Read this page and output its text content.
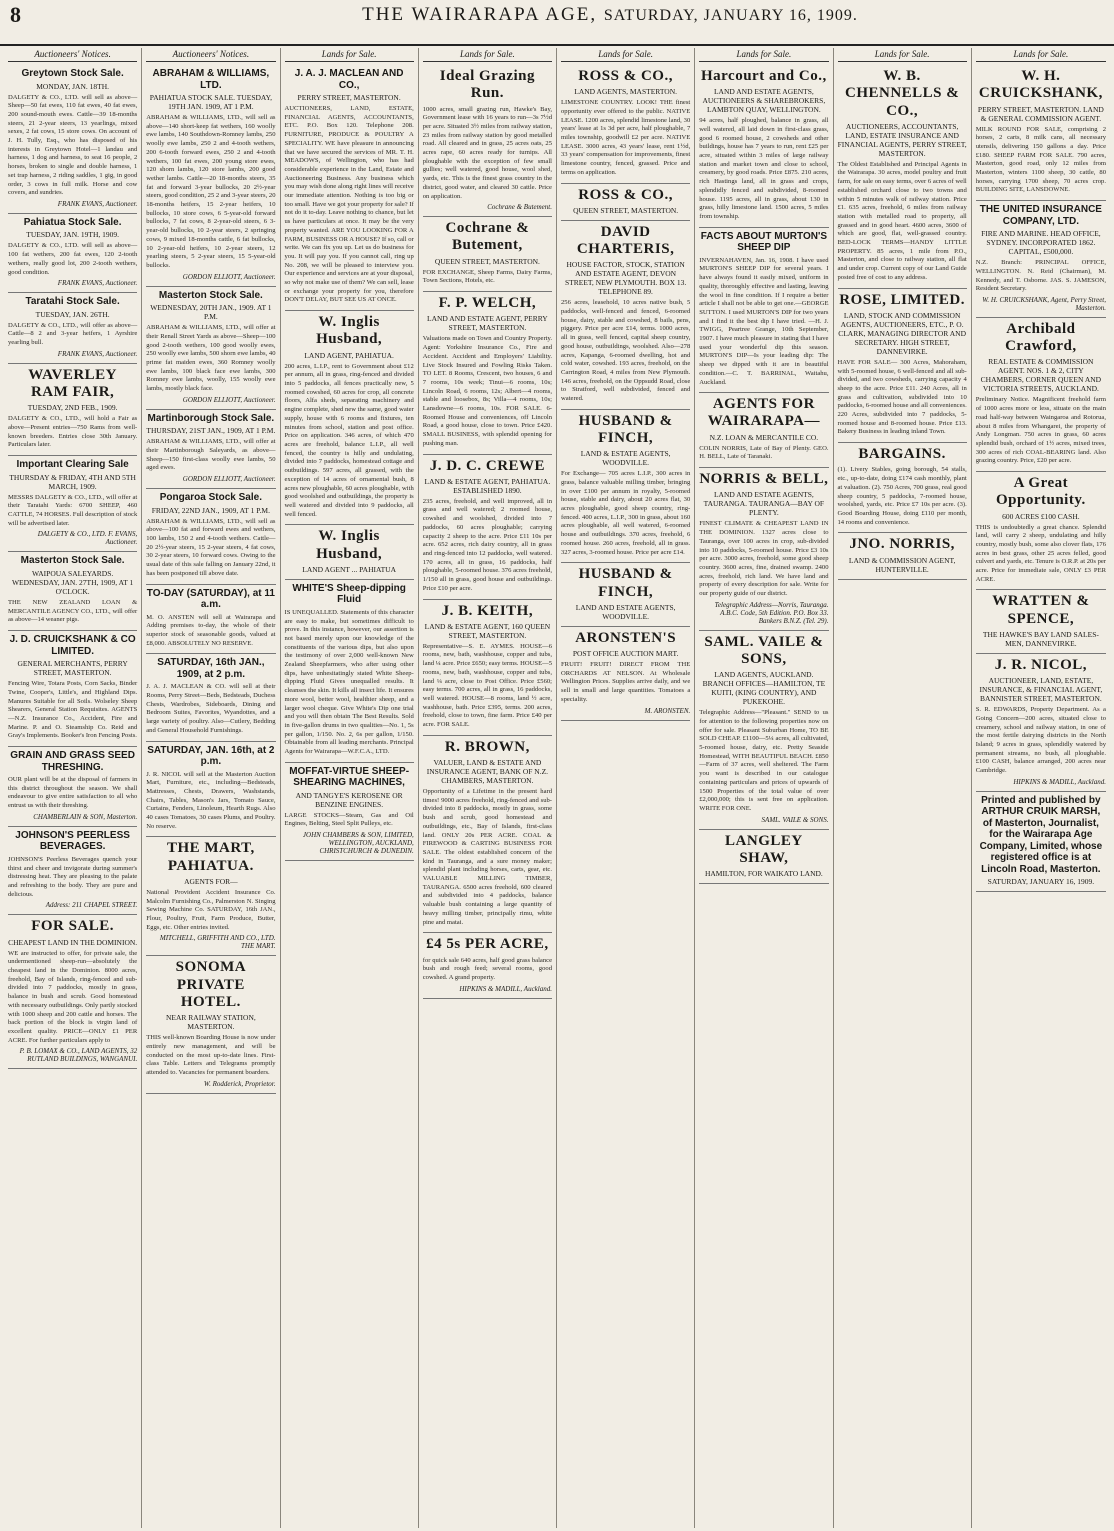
8	THE WAIRARAPA AGE, SATURDAY, JANUARY 16, 1909.
Auctioneers' Notices.
Greytown Stock Sale.
MONDAY, JAN. 18TH.
DALGETY & CO., LTD. will sell as above—Sheep—50 fat ewes, 110 fat ewes, 40 fat ewes, 200 sound-mouth ewes. Cattle—39 18-months steers, 21 2-year steers, 13 yearlings, mixed sexes, 2 fat cows, 15 store cows. On account of J. H. Tully, Esq., who has disposed of his interests in Greytown Hotel—1 landau and harness, 1 dog and harness, to seat 16 people, 2 horses, broken to single and double harness, 1 set trap harness, 2 riding saddles, 1 gig, in good order, 3 cows in full milk. Horse and cow covers, and sundries.
FRANK EVANS, Auctioneer.
Pahiatua Stock Sale.
TUESDAY, JAN. 19TH, 1909.
DALGETY & CO., LTD. will sell as above—100 fat wethers, 200 fat ewes, 120 2-tooth wethers, really good lot, 200 2-tooth wethers, good condition.
FRANK EVANS, Auctioneer.
Taratahi Stock Sale.
TUESDAY, JAN. 26TH.
DALGETY & CO., LTD., will offer as above—Cattle—8 2 and 3-year heifers, 1 Ayrshire yearling bull.
FRANK EVANS, Auctioneer.
WAVERLEY RAM FAIR,
TUESDAY, 2ND FEB., 1909.
DALGETY & CO., LTD., will hold a Fair as above—Present entries—750 Rams from well-known breeders. Entries close 30th January. Particulars later.
Important Clearing Sale
THURSDAY & FRIDAY, 4TH AND 5TH MARCH, 1909.
MESSRS DALGETY & CO., LTD., will offer at their Taratahi Yards: 6700 SHEEP, 460 CATTLE, 74 HORSES. Full description of stock will be advertised later.
DALGETY & CO., LTD. F. EVANS, Auctioneer.
Masterton Stock Sale.
WAIPOUA SALEYARDS. WEDNESDAY, JAN. 27TH, 1909, AT 1 O'CLOCK.
THE NEW ZEALAND LOAN & MERCANTILE AGENCY CO., LTD., will offer as above—14 weaner pigs.
J. D. CRUICKSHANK & CO LIMITED.
GENERAL MERCHANTS, PERRY STREET, MASTERTON.
Fencing Wire, Totara Posts, Corn Sacks, Binder Twine, Cooper's, Little's, and Highland Dips. Manures Suitable for all Soils. Wolseley Sheep Shearers, General Station Requisites. AGENTS—N.Z. Insurance Co., Accident, Fire and Marine. P. and O. Steamship Co. Reid and Gray's Implements. Booker's Iron Fencing Posts.
GRAIN AND GRASS SEED THRESHING.
OUR plant will be at the disposal of farmers in this district throughout the season. We shall endeavour to give entire satisfaction to all who entrust us with their threshing.
CHAMBERLAIN & SON, Masterton.
JOHNSON'S PEERLESS BEVERAGES.
JOHNSON'S Peerless Beverages quench your thirst and cheer and invigorate during summer's distressing heat. They are pleasing to the palate and refreshing to the body. They are pure and delicious.
Address: 211 CHAPEL STREET.
FOR SALE.
CHEAPEST LAND IN THE DOMINION.
WE are instructed to offer, for private sale, the undermentioned sheep-run—absolutely the cheapest land in the Dominion. 8000 acres, freehold, Bay of Islands, ring-fenced and sub-divided into 7 paddocks, mostly in grass, balance in bush and scrub. Good homestead with necessary outbuildings. Only partly stocked with 1000 sheep and 200 cattle and horses. The back portion of the block is virgin land of excellent quality. PRICE—ONLY £1 PER ACRE. For further particulars apply to
P. B. LOMAX & CO., LAND AGENTS, 32 RUTLAND BUILDINGS, WANGANUI.
Auctioneers' Notices.
ABRAHAM & WILLIAMS, LTD.
PAHIATUA STOCK SALE. TUESDAY, 19TH JAN. 1909, AT 1 P.M.
ABRAHAM & WILLIAMS, LTD., will sell as above—140 short-keep fat wethers, 160 woolly ewe lambs, 140 Southdown-Romney lambs, 250 woolly ewe lambs, 250 2 and 4-tooth wethers, 200 6-tooth forward ewes, 250 2 and 4-tooth wethers, 100 fat ewes, 200 young store ewes, 120 shorn lambs, 120 store lambs, 200 good wether lambs. Cattle—20 18-months steers, 35 fat and forward 3-year bullocks, 20 2½-year steers, good condition, 25 2 and 3-year steers, 20 18-months heifers, 15 2-year heifers, 10 bullocks, 10 store cows, 6 5-year-old forward bullocks, 7 fat cows, 8 2-year-old steers, 6 3-year-old bullocks, 10 2-year steers, 2 springing cows, 9 mixed 18-months cattle, 6 fat bullocks, 10 2-year-old heifers, 10 2-year steers, 12 yearling steers, 5 2-year steers, 15 5-year-old bullocks.
GORDON ELLIOTT, Auctioneer.
Masterton Stock Sale.
WEDNESDAY, 20TH JAN., 1909. AT 1 P.M.
ABRAHAM & WILLIAMS, LTD., will offer at their Renall Street Yards as above—Sheep—100 good 2-tooth wethers, 100 good woolly ewes, 250 woolly ewe lambs, 500 shorn ewe lambs, 40 prime fat maiden ewes, 360 Romney woolly ewe lambs, 100 black face ewe lambs, 300 Romney ewe lambs, woolly, 155 woolly ewe lambs, mostly black face.
GORDON ELLIOTT, Auctioneer.
Martinborough Stock Sale.
THURSDAY, 21ST JAN., 1909, AT 1 P.M.
ABRAHAM & WILLIAMS, LTD., will offer at their Martinborough Saleyards, as above—Sheep—150 first-class woolly ewe lambs, 50 aged ewes.
GORDON ELLIOTT, Auctioneer.
Pongaroa Stock Sale.
FRIDAY, 22ND JAN., 1909, AT 1 P.M.
ABRAHAM & WILLIAMS, LTD., will sell as above—100 fat and forward ewes and wethers, 100 lambs, 150 2 and 4-tooth wethers. Cattle—20 2½-year steers, 15 2-year steers, 4 fat cows, 30 2-year steers, 10 forward cows. Owing to the usual date of this sale falling on January 22nd, it has been postponed till above date.
TO-DAY (SATURDAY), at 11 a.m.
M. O. ANSTEN will sell at Wairarapa and Adding premises to-day, the whole of their superior stock of seasonable goods, valued at £8,000. ABSOLUTELY NO RESERVE.
SATURDAY, 16th JAN., 1909, at 2 p.m.
J. A. J. MACLEAN & CO. will sell at their Rooms, Perry Street—Beds, Bedsteads, Duchess Chests, Wardrobes, Sideboards, Dining and Bedroom Suites, Favorites, Wyandottes, and a large variety of poultry. Also—Cutlery, Bedding and General Household Furnishings.
SATURDAY, JAN. 16th, at 2 p.m.
J. R. NICOL will sell at the Masterton Auction Mart, Furniture, etc., including—Bedsteads, Mattresses, Chests, Drawers, Washstands, Chairs, Tables, Mason's Jars, Tomato Sauce, Curtains, Fenders, Linoleum, Hearth Rugs. Also 40 cases Tomatoes, 30 cases Plums, and Poultry. No reserve.
THE MART, PAHIATUA.
AGENTS FOR—
National Provident Accident Insurance Co. Malcolm Furnishing Co., Palmerston N. Singing Sewing Machine Co. SATURDAY, 16th JAN., Flour, Poultry, Fruit, Farm Produce, Butter, Eggs, etc. Other entries invited.
MITCHELL, GRIFFITH AND CO., LTD. THE MART.
SONOMA PRIVATE HOTEL.
NEAR RAILWAY STATION, MASTERTON.
THIS well-known Boarding House is now under entirely new management, and will be conducted on the most up-to-date lines. First-class Table. Letters and Telegrams promptly attended to. Vacancies for permanent boarders.
W. Rodderick, Proprietor.
Lands for Sale.
J. A. J. MACLEAN AND CO.,
PERRY STREET, MASTERTON.
AUCTIONEERS, LAND, ESTATE, FINANCIAL AGENTS, ACCOUNTANTS, ETC. P.O. Box 120. Telephone 208. FURNITURE, PRODUCE & POULTRY A SPECIALITY. WE have pleasure in announcing that we have secured the services of MR. T. H. MEADOWS, of Wellington, who has had considerable experience in the Land, Estate and Auctioneering Business. Any business which you may wish done along right lines will receive our immediate attention. Nothing is too big or too small. Have we got your property for sale? If not do it to-day. Leave nothing to chance, but let us have particulars at once. It may be the very property wanted. ARE YOU LOOKING FOR A FARM, BUSINESS OR A HOUSE? If so, call or write. We can fix you up. Let us do business for you. It will pay you. If you cannot call, ring up No. 208, we will be pleased to interview you. Our experience and services are at your disposal, so why not make use of them? We can sell, lease or exchange your property for you, therefore DON'T DELAY, BUT SEE US AT ONCE.
W. Inglis Husband,
LAND AGENT, PAHIATUA.
200 acres, L.I.P., rent to Government about £12 per annum, all in grass, ring-fenced and divided into 5 paddocks, all fences practically new, 5 roomed cowshed, 60 acres for crop, all concrete floors, Alfa sheds, separating machinery and engine complete, shed new the same, good water supply, house with 6 rooms and fixtures, ten minutes from school, station and post office. Price on application. 346 acres, of which 470 acres are freehold, balance L.I.P., all well fenced, the country is hilly and undulating, divided into 7 paddocks, homestead cottage and outbuildings. 597 acres, all grassed, with the exception of 14 acres of ornamental bush, 8 acres new ploughable, 60 acres ploughable, with good woolshed and outbuildings, the property is well watered and divided into 9 paddocks, all well fenced.
W. Inglis Husband,
LAND AGENT ... PAHIATUA
WHITE'S Sheep-dipping Fluid
IS UNEQUALLED. Statements of this character are easy to make, but sometimes difficult to prove. In this instance, however, our assertion is not based merely upon our knowledge of the constituents of the various dips, but also upon the testimony of over 2,000 well-known New Zealand Sheepfarmers, who after using other dips, have unhesitatingly stated White Sheep-dipping Fluid Gives unequalled results. It cleanses the skin. It kills all insect life. It ensures more wool, better wool, healthier sheep, and a larger wool cheque. Give White's Dip one trial and you will then obtain The Best Results. Sold in five-gallon drums in two qualities—No. 1, 5s per gallon, 1/150. No. 2, 6s per gallon, 1/150. Obtainable from all leading merchants. Principal Agents for Wairarapa—W.F.C.A., LTD.
MOFFAT-VIRTUE SHEEP-SHEARING MACHINES,
AND TANGYE'S KEROSENE OR BENZINE ENGINES.
LARGE STOCKS—Steam, Gas and Oil Engines, Belting, Steel Split Pulleys, etc.
JOHN CHAMBERS & SON, LIMITED, WELLINGTON, AUCKLAND, CHRISTCHURCH & DUNEDIN.
Lands for Sale.
Ideal Grazing Run.
1000 acres, small grazing run, Hawke's Bay, Government lease with 16 years to run—3s 7½d per acre. Situated 3½ miles from railway station, 23 miles from railway station by good metalled road. All cleared and in grass, 25 acres oats, 25 acres rape, 60 acres ready for turnips. All ploughable with the exception of few small gullies; well watered, good house, wool shed, yards, etc. This is the finest grass country in the district, good water, and cleared 30 cattle. Price on application.
Cochrane & Butement.
Cochrane & Butement,
QUEEN STREET, MASTERTON.
FOR EXCHANGE, Sheep Farms, Dairy Farms, Town Sections, Hotels, etc.
F. P. WELCH,
LAND AND ESTATE AGENT, PERRY STREET, MASTERTON.
Valuations made on Town and Country Property. Agent: Yorkshire Insurance Co., Fire and Accident. Accident and Employers' Liability. Live Stock Insured and Fowling Risks Taken. TO LET. 8 Rooms, Crescent, two houses, 6 and 7 rooms, 10s week; Tinui—6 rooms, 10s; Lincoln Road, 6 rooms, 12s; Albert—4 rooms, stable and loosebox, 8s; Villa—4 rooms, 10s; Lansdowne—6 rooms, 10s. FOR SALE. 6-Roomed House and conveniences, off Lincoln Road, a good house, close to town. Price £420. SMALL BUSINESS, with splendid opening for pushing man.
J. D. C. CREWE
LAND & ESTATE AGENT, PAHIATUA. ESTABLISHED 1890.
235 acres, freehold, and well improved, all in grass and well watered; 2 roomed house, cowshed and woolshed, divided into 7 paddocks, 60 acres ploughable; carrying capacity 2 sheep to the acre. Price £11 10s per acre. 652 acres, rich dairy country, all in grass and ring-fenced into 12 paddocks, well watered. 170 acres, all in grass, 16 paddocks, half ploughable, 5-roomed house. 376 acres freehold, 1/150 all in grass, good house and outbuildings. Price £10 per acre.
J. B. KEITH,
LAND & ESTATE AGENT, 160 QUEEN STREET, MASTERTON.
Representative—S. E. AYMES. HOUSE—6 rooms, new, bath, washhouse, copper and tubs, land ¼ acre. Price £650; easy terms. HOUSE—5 rooms, new, bath, washhouse, copper and tubs, land ¼ acre, close to Post Office. Price £560; easy terms. 700 acres, all in grass, 16 paddocks, well watered. HOUSE—8 rooms, land ½ acre, washhouse, bath. Price £395, terms. 200 acres, freehold, close to town, fine farm. Price £40 per acre. FOR SALE.
R. BROWN,
VALUER, LAND & ESTATE AND INSURANCE AGENT, BANK OF N.Z. CHAMBERS, MASTERTON.
Opportunity of a Lifetime in the present hard times! 9000 acres freehold, ring-fenced and sub-divided into 8 paddocks, mostly in grass, some bush and scrub, good homestead and outbuildings, etc., Bay of Islands, first-class land. ONLY 20s PER ACRE. COAL & FIREWOOD & CARTING BUSINESS FOR SALE. The oldest established concern of the kind in Tauranga, and a sure money maker; splendid plant including horses, carts, gear, etc. VALUABLE MILLING TIMBER, TAURANGA. 6500 acres freehold, 600 cleared and subdivided into 4 paddocks, balance valuable bush containing a large quantity of heavy milling timber, principally rimu, white pine and matai.
£4 5s PER ACRE,
for quick sale 640 acres, half good grass balance bush and rough feed; several rooms, good cowshed. A grand property.
HIPKINS & MADILL, Auckland.
Lands for Sale.
ROSS & CO.,
LAND AGENTS, MASTERTON.
LIMESTONE COUNTRY. LOOK! THE finest opportunity ever offered to the public. NATIVE LEASE. 1200 acres, splendid limestone land, 30 years' lease at 1s 3d per acre, half ploughable, 7 miles township, goodwill £2 per acre. NATIVE LEASE. 3000 acres, 43 years' lease, rent 1½d, 33 years' compensation for improvements, finest limestone country, fenced, grassed. Price and terms on application.
ROSS & CO.,
QUEEN STREET, MASTERTON.
DAVID CHARTERIS,
HOUSE FACTOR, STOCK, STATION AND ESTATE AGENT, DEVON STREET, NEW PLYMOUTH. BOX 13. TELEPHONE 89.
256 acres, leasehold, 10 acres native bush, 5 paddocks, well-fenced and fenced, 6-roomed house, dairy, stable and cowshed, 8 bails, pens, piggery. Price per acre £14, terms. 1000 acres, all in grass, well fenced, capital sheep country, good house, outbuildings, woolshed. Also—278 acres, Kapanga, 6-roomed dwelling, hot and cold water, cowshed. 193 acres, freehold, on the Carrington Road, 4 miles from New Plymouth. 146 acres, freehold, on the Oppsudd Road, close to Stratford, well subdivided, fenced and watered.
HUSBAND & FINCH,
LAND & ESTATE AGENTS, WOODVILLE.
For Exchange— 705 acres L.I.P., 300 acres in grass, balance valuable milling timber, bringing in over £100 per annum in royalty, 5-roomed house, stable and dairy, about 20 acres flat, 30 acres ploughable, good sheep country, ring-fenced. 400 acres, L.I.P., 300 in grass, about 160 acres ploughable, all well watered, 6-roomed house and outbuildings. 370 acres, freehold, 6 roomed house. 260 acres, freehold, all in grass. 327 acres, 3-roomed house. Price per acre £14.
HUSBAND & FINCH,
LAND AND ESTATE AGENTS, WOODVILLE.
ARONSTEN'S
POST OFFICE AUCTION MART.
FRUIT! FRUIT! DIRECT FROM THE ORCHARDS AT NELSON. At Wholesale Wellington Prices. Supplies arrive daily, and we sell in small and large quantities. Tomatoes a speciality.
M. ARONSTEN.
Lands for Sale.
Harcourt and Co.,
LAND AND ESTATE AGENTS, AUCTIONEERS & SHAREBROKERS, LAMBTON QUAY, WELLINGTON.
94 acres, half ploughed, balance in grass, all well watered, all laid down in first-class grass, good 6 roomed house, 2 cowsheds and other buildings, house has 7 years to run, rent £25 per acre, situated within 3 miles of large railway station and market town and close to school, creamery, by good roads. Price £875. 210 acres, rich Hastings land, all in grass and crops, splendidly fenced and subdivided, 8-roomed house. 1195 acres, all in grass, about 130 in grass, hilly limestone land. 1500 acres, 5 miles from township.
FACTS ABOUT MURTON'S SHEEP DIP
INVERNAHAVEN, Jan. 16, 1908. I have used MURTON'S SHEEP DIP for several years. I have always found it easily mixed, uniform in quality, thoroughly effective and lasting, leaving the wool in fine condition. If I require a better article I shall not be able to get one.—GEORGE SUTTON. I used MURTON'S DIP for two years and I find it the best dip I have tried. —H. J. TWIGG, Peartree Grange, 10th September, 1907. I have much pleasure in stating that I have used your wonderful dip this season. MURTON'S DIP—Is your leading dip: The sheep we dipped with it are in beautiful condition.—C. T. BARRINAL, Waitahu, Auckland.
AGENTS FOR WAIRARAPA—
N.Z. LOAN & MERCANTILE CO.
COLIN NORRIS, Late of Bay of Plenty. GEO. H. BELL, Late of Taranaki.
NORRIS & BELL,
LAND AND ESTATE AGENTS, TAURANGA. TAURANGA—BAY OF PLENTY.
FINEST CLIMATE & CHEAPEST LAND IN THE DOMINION. 1327 acres close to Tauranga, over 100 acres in crop, sub-divided into 10 paddocks, 5-roomed house. Price £3 10s per acre. 3000 acres, freehold, some good sheep country. 3600 acres, fine, drained swamp. 2400 acres, freehold, rich land. We have land and property of every description for sale. Write for our property guide of our district.
Telegraphic Address—Norris, Tauranga. A.B.C. Code, 5th Edition. P.O. Box 33. Bankers B.N.Z. (Tel. 29).
SAML. VAILE & SONS,
LAND AGENTS, AUCKLAND. BRANCH OFFICES—HAMILTON, TE KUITI, (KING COUNTRY), AND PUKEKOHE.
Telegraphic Address—"Pleasant." SEND to us for attention to the following properties now on offer for sale. Pleasant Suburban Home, TO BE SOLD CHEAP. £1100—5¼ acres, all cultivated, 5-roomed house, dairy, etc. Pretty Seaside Homestead, WITH BEAUTIFUL BEACH. £850—Farm of 37 acres, well sheltered. The Farm you want is described in our catalogue containing particulars and prices of upwards of 1500 Properties of the total value of over £2,000,000; this is sent free on application. WRITE FOR ONE.
SAML. VAILE & SONS.
LANGLEY SHAW,
HAMILTON, FOR WAIKATO LAND.
Lands for Sale.
W. B. CHENNELLS & CO.,
AUCTIONEERS, ACCOUNTANTS, LAND, ESTATE INSURANCE AND FINANCIAL AGENTS, PERRY STREET, MASTERTON.
The Oldest Established and Principal Agents in the Wairarapa. 30 acres, model poultry and fruit farm, for sale on easy terms, over 6 acres of well established orchard close to two towns and within 5 minutes walk of railway station. Price £1. 635 acres, freehold, 6 miles from railway station with metalled road to property, all grassed and in good heart. 4600 acres, 3600 of which are good, flat, well-grassed country. BED-LOCK TERMS—HANDY LITTLE PROPERTY. 85 acres, 1 mile from P.O., Masterton, and close to railway station, all flat and under crop. Current copy of our Land Guide posted free of cost to any address.
ROSE, LIMITED.
LAND, STOCK AND COMMISSION AGENTS, AUCTIONEERS, ETC., P. O. CLARK, MANAGING DIRECTOR AND SECRETARY. HIGH STREET, DANNEVIRKE.
HAVE FOR SALE— 300 Acres, Mahoraham, with 5-roomed house, 6 well-fenced and all sub-divided, and two cowsheds, carrying capacity 4 sheep to the acre. Price £11. 240 Acres, all in grass and cultivation, subdivided into 10 paddocks, 6-roomed house and all conveniences. 220 Acres, subdivided into 7 paddocks, 5-roomed house and 8-roomed house. Price £13. Bakery Business in leading inland Town.
BARGAINS.
(1). Livery Stables, going borough, 54 stalls, etc., up-to-date, doing £174 cash monthly, plant at valuation. (2). 750 Acres, 700 grass, real good sheep country, 5 paddocks, 7-roomed house, woolshed, yards, etc. Price £7 10s per acre. (3). Good Boarding House, doing £110 per month, 14 rooms and convenience.
JNO. NORRIS,
LAND & COMMISSION AGENT, HUNTERVILLE.
Lands for Sale.
W. H. CRUICKSHANK,
PERRY STREET, MASTERTON. LAND & GENERAL COMMISSION AGENT.
MILK ROUND FOR SALE, comprising 2 horses, 2 carts, 8 milk cans, all necessary utensils, delivering 150 gallons a day. Price £180. SHEEP FARM FOR SALE. 790 acres, Masterton, good road, only 12 miles from Masterton, winters 1100 sheep, 30 cattle, 80 horses, carrying 1700 sheep, 70 acres crop. BUILDING SITE, LANSDOWNE.
THE UNITED INSURANCE COMPANY, LTD.
FIRE AND MARINE. HEAD OFFICE, SYDNEY. INCORPORATED 1862. CAPITAL, £500,000.
N.Z. Branch: PRINCIPAL OFFICE, WELLINGTON. N. Reid (Chairman), M. Kennedy, and T. Osborne. JAS. S. JAMESON, Resident Secretary.
W. H. CRUICKSHANK, Agent, Perry Street, Masterton.
Archibald Crawford,
REAL ESTATE & COMMISSION AGENT. NOS. 1 & 2, CITY CHAMBERS, CORNER QUEEN AND VICTORIA STREETS, AUCKLAND.
Preliminary Notice. Magnificent freehold farm of 1000 acres more or less, situate on the main road half-way between Waingaroa and Rotorua, about 8 miles from Whangarei, the property of Andy Longman. 750 acres in grass, 60 acres splendid bush, orchard of 1½ acres, mixed trees, 300 acres of rich COAL-BEARING land. Also grazing country. Price, £20 per acre.
A Great Opportunity.
600 ACRES £100 CASH.
THIS is undoubtedly a great chance. Splendid land, will carry 2 sheep, undulating and hilly country, mostly bush, some also clover flats, 176 acres in best grass, other 25 acres felled, good culvert and yards, etc. Tenure is O.R.P. at 20s per acre. Price for immediate sale, ONLY £3 PER ACRE.
WRATTEN & SPENCE,
THE HAWKE'S BAY LAND SALES-MEN, DANNEVIRKE.
J. R. NICOL,
AUCTIONEER, LAND, ESTATE, INSURANCE, & FINANCIAL AGENT, BANNISTER STREET, MASTERTON.
S. R. EDWARDS, Property Department. As a Going Concern—200 acres, situated close to creamery, school and railway station, in one of the most fertile dairying districts in the North Island; 9 acres in grass, splendidly watered by permanent streams, no bush, all ploughable. £100 CASH, balance arranged, 200 acres near Cambridge.
HIPKINS & MADILL, Auckland.
Printed and published by ARTHUR CRUIK MARSH, of Masterton, Journalist, for the Wairarapa Age Company, Limited, whose registered office is at Lincoln Road, Masterton.
SATURDAY, JANUARY 16, 1909.
